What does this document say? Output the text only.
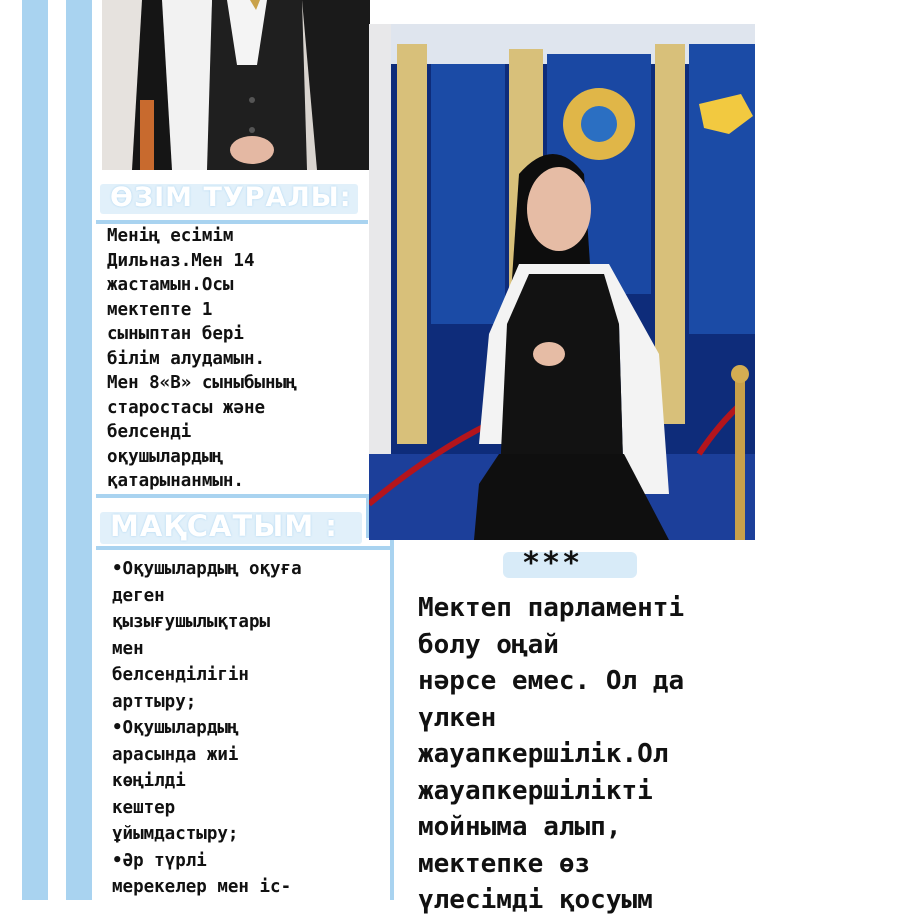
ӨЗІМ ТУРАЛЫ:

Менің есімім
Дильназ.Мен 14
жастамын.Осы
мектепте 1
сыныптан бері
білім алудамын.
Мен 8«В» сыныбының
старостасы және
белсенді
оқушылардың
қатарынанмын.

МАҚСАТЫМ :
•Оқушылардың оқуға
деген
қызығушылықтары
мен
белсенділігін
арттыру;
•Оқушылардың
арасында жиі
көңілді
кештер
ұйымдастыру;
•Әр түрлі
мерекелер мен іс-
***

Мектеп парламенті
болу оңай
нәрсе емес. Ол да
үлкен
жауапкершілік.Ол
жауапкершілікті
мойныма алып,
мектепке өз
үлесімді қосуым
